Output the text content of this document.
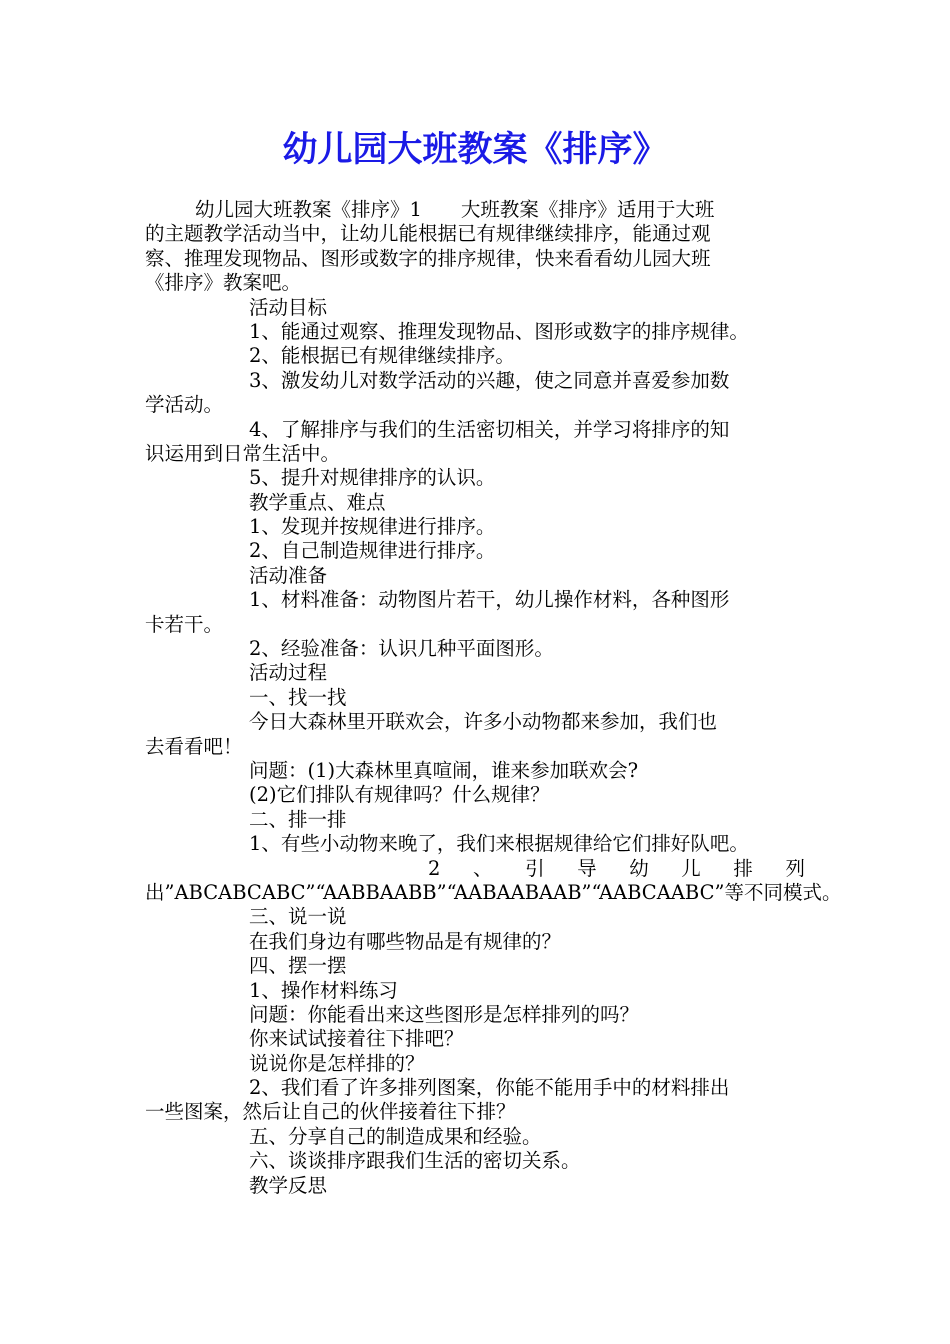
幼儿园大班教案《排序》
幼儿园大班教案《排序》1　　大班教案《排序》适用于大班
的主题教学活动当中，让幼儿能根据已有规律继续排序，能通过观
察、推理发现物品、图形或数字的排序规律，快来看看幼儿园大班
《排序》教案吧。
活动目标
1、能通过观察、推理发现物品、图形或数字的排序规律。
2、能根据已有规律继续排序。
3、激发幼儿对数学活动的兴趣，使之同意并喜爱参加数
学活动。
4、了解排序与我们的生活密切相关，并学习将排序的知
识运用到日常生活中。
5、提升对规律排序的认识。
教学重点、难点
1、发现并按规律进行排序。
2、自己制造规律进行排序。
活动准备
1、材料准备：动物图片若干，幼儿操作材料，各种图形
卡若干。
2、经验准备：认识几种平面图形。
活动过程
一、找一找
今日大森林里开联欢会，许多小动物都来参加，我们也
去看看吧！
问题：(1)大森林里真喧闹，谁来参加联欢会?
(2)它们排队有规律吗？什么规律？
二、排一排
1、有些小动物来晚了，我们来根据规律给它们排好队吧。
2 、 引 导 幼 儿 排 列
出”ABCABCABC”“AABBAABB”“AABAABAAB”“AABCAABC”等不同模式。
三、说一说
在我们身边有哪些物品是有规律的？
四、摆一摆
1、操作材料练习
问题：你能看出来这些图形是怎样排列的吗？
你来试试接着往下排吧？
说说你是怎样排的？
2、我们看了许多排列图案，你能不能用手中的材料排出
一些图案，然后让自己的伙伴接着往下排？
五、分享自己的制造成果和经验。
六、谈谈排序跟我们生活的密切关系。
教学反思
